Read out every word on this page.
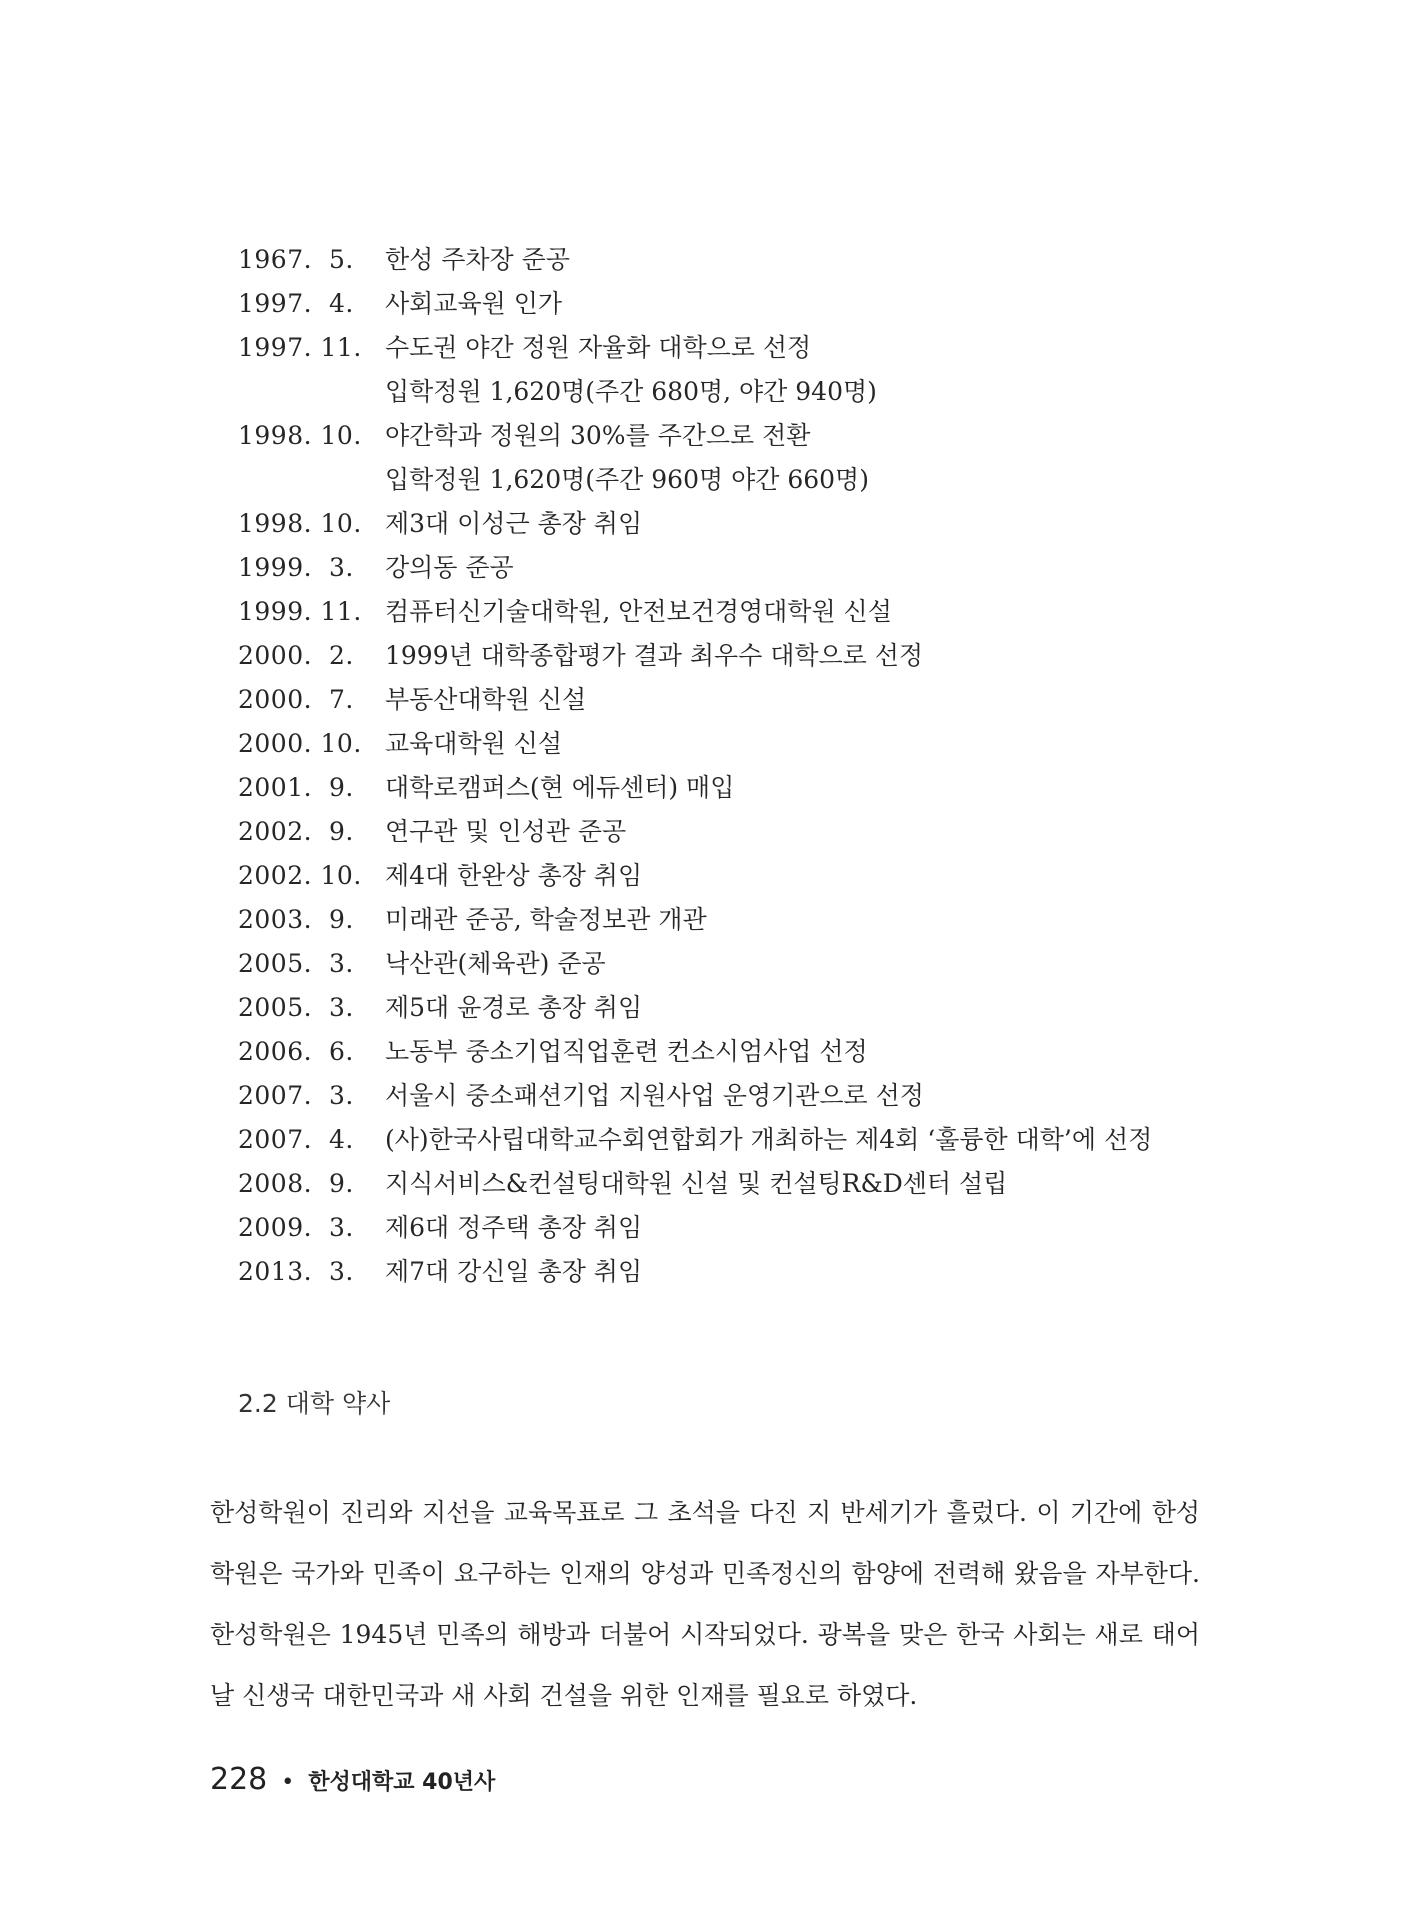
1967.  5.	한성 주차장 준공
1997.  4.	사회교육원 인가
1997. 11. 수도권 야간 정원 자율화 대학으로 선정
입학정원 1,620명(주간 680명, 야간 940명)
1998. 10. 야간학과 정원의 30%를 주간으로 전환
입학정원 1,620명(주간 960명 야간 660명)
1998. 10. 제3대 이성근 총장 취임
1999.  3.	강의동 준공
1999. 11. 컴퓨터신기술대학원, 안전보건경영대학원 신설
2000.  2.	1999년 대학종합평가 결과 최우수 대학으로 선정
2000.  7.	부동산대학원 신설
2000. 10. 교육대학원 신설
2001.  9.	대학로캠퍼스(현 에듀센터) 매입
2002.  9.	연구관 및 인성관 준공
2002. 10. 제4대 한완상 총장 취임
2003.  9.	미래관 준공, 학술정보관 개관
2005.  3.	낙산관(체육관) 준공
2005.  3.	제5대 윤경로 총장 취임
2006.  6.	노동부 중소기업직업훈련 컨소시엄사업 선정
2007.  3.	서울시 중소패션기업 지원사업 운영기관으로 선정
2007.  4.	(사)한국사립대학교수회연합회가 개최하는 제4회 ‘훌륭한 대학’에 선정
2008.  9.	지식서비스&컨설팅대학원 신설 및 컨설팅R&D센터 설립
2009.  3.	제6대 정주택 총장 취임
2013.  3.	제7대 강신일 총장 취임
2.2 대학 약사

한성학원이 진리와 지선을 교육목표로 그 초석을 다진 지 반세기가 흘렀다. 이 기간에 한성학원은 국가와 민족이 요구하는 인재의 양성과 민족정신의 함양에 전력해 왔음을 자부한다. 한성학원은 1945년 민족의 해방과 더불어 시작되었다. 광복을 맞은 한국 사회는 새로 태어날 신생국 대한민국과 새 사회 건설을 위한 인재를 필요로 하였다.

228 • 한성대학교 40년사
